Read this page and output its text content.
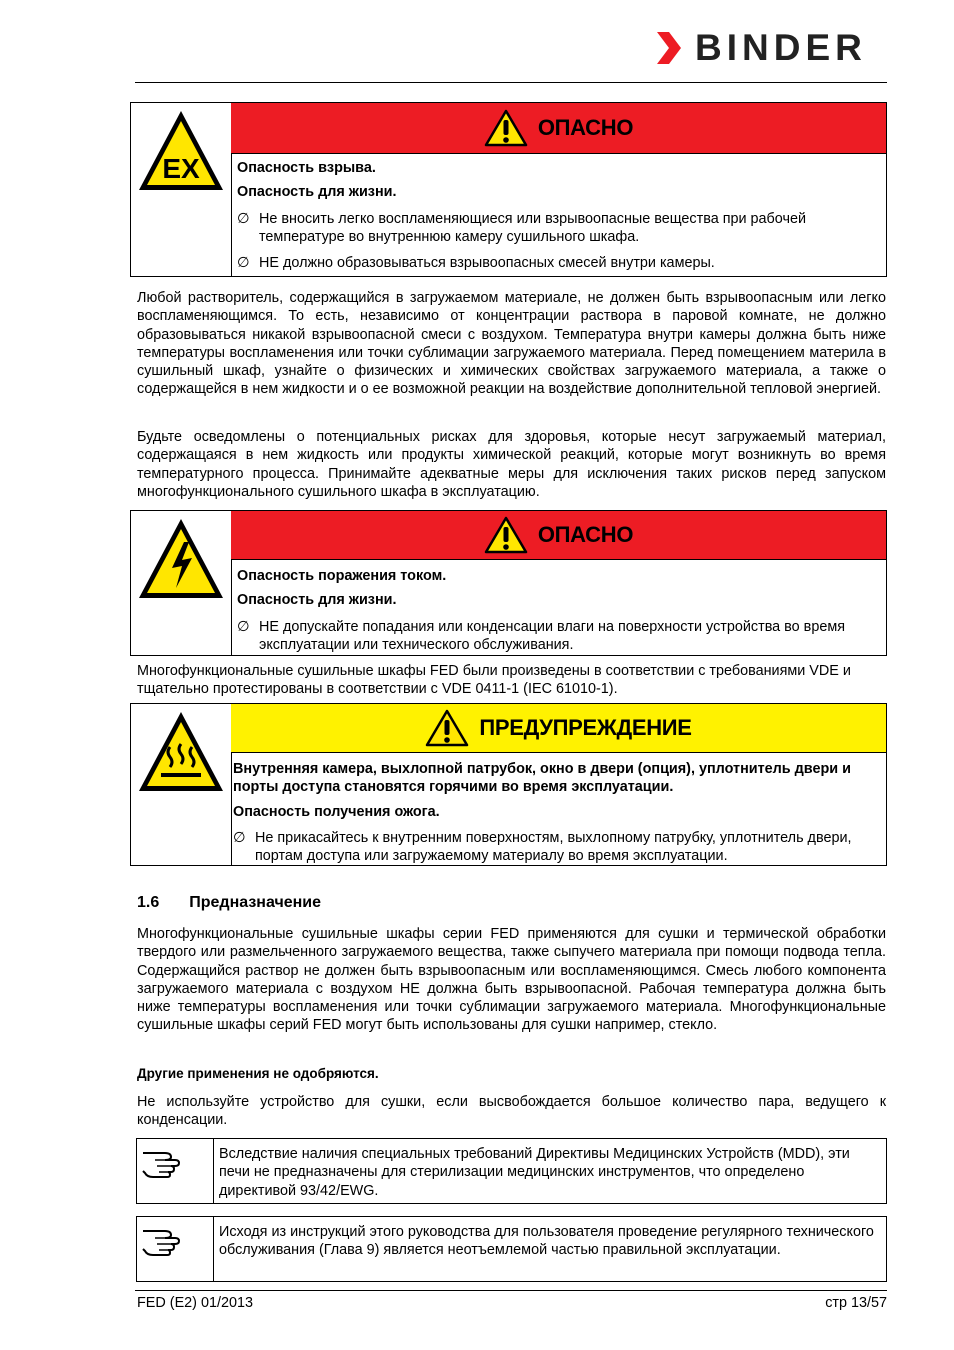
BINDER
EX
ОПАСНО

Опасность взрыва.

Опасность для жизни.

∅ Не вносить легко воспламеняющиеся или взрывоопасные вещества при рабочей температуре во внутреннюю камеру сушильного шкафа.
∅ НЕ должно образовываться взрывоопасных смесей внутри камеры.

Любой растворитель, содержащийся в загружаемом материале, не должен быть взрывоопасным или легко воспламеняющимся. То есть, независимо от концентрации раствора в паровой комнате, не должно образовываться никакой взрывоопасной смеси с воздухом. Температура внутри камеры должна быть ниже температуры воспламенения или точки сублимации загружаемого материала. Перед помещением материла в сушильный шкаф, узнайте о физических и химических свойствах загружаемого материала, а также о содержащейся в нем жидкости и о ее возможной реакции на воздействие дополнительной тепловой энергией.

Будьте осведомлены о потенциальных рисках для здоровья, которые несут загружаемый материал, содержащаяся в нем жидкость или продукты химической реакций, которые могут возникнуть во время температурного процесса. Принимайте адекватные меры для исключения таких рисков перед запуском многофункционального сушильного шкафа в эксплуатацию.

ОПАСНО

Опасность поражения током.

Опасность для жизни.

∅ НЕ допускайте попадания или конденсации влаги на поверхности устройства во время эксплуатации или технического обслуживания.

Многофункциональные сушильные шкафы FED были произведены в соответствии с требованиями VDE и тщательно протестированы в соответствии с VDE 0411-1 (IEC 61010-1).

ПРЕДУПРЕЖДЕНИЕ

Внутренняя камера, выхлопной патрубок, окно в двери (опция), уплотнитель двери и порты доступа становятся горячими во время эксплуатации.

Опасность получения ожога.

∅ Не прикасайтесь к внутренним поверхностям, выхлопному патрубку, уплотнитель двери, портам доступа или загружаемому материалу во время эксплуатации.
1.6 Предназначение

Многофункциональные сушильные шкафы серии FED применяются для сушки и термической обработки твердого или размельченного загружаемого вещества, также сыпучего материала при помощи подвода тепла. Содержащийся раствор не должен быть взрывоопасным или воспламеняющимся. Смесь любого компонента загружаемого материала с воздухом НЕ должна быть взрывоопасной. Рабочая температура должна быть ниже температуры воспламенения или точки сублимации загружаемого материала. Многофункциональные сушильные шкафы серий FED могут быть использованы для сушки например, стекло.

Другие применения не одобряются.

Не используйте устройство для сушки, если высвобождается большое количество пара, ведущего к конденсации.

Вследствие наличия специальных требований Директивы Медицинских Устройств (MDD), эти печи не предназначены для стерилизации медицинских инструментов, что определено директивой 93/42/EWG.
Исходя из инструкций этого руководства для пользователя проведение регулярного технического обслуживания (Глава 9) является неотъемлемой частью правильной эксплуатации.
FED (E2) 01/2013	стр 13/57
